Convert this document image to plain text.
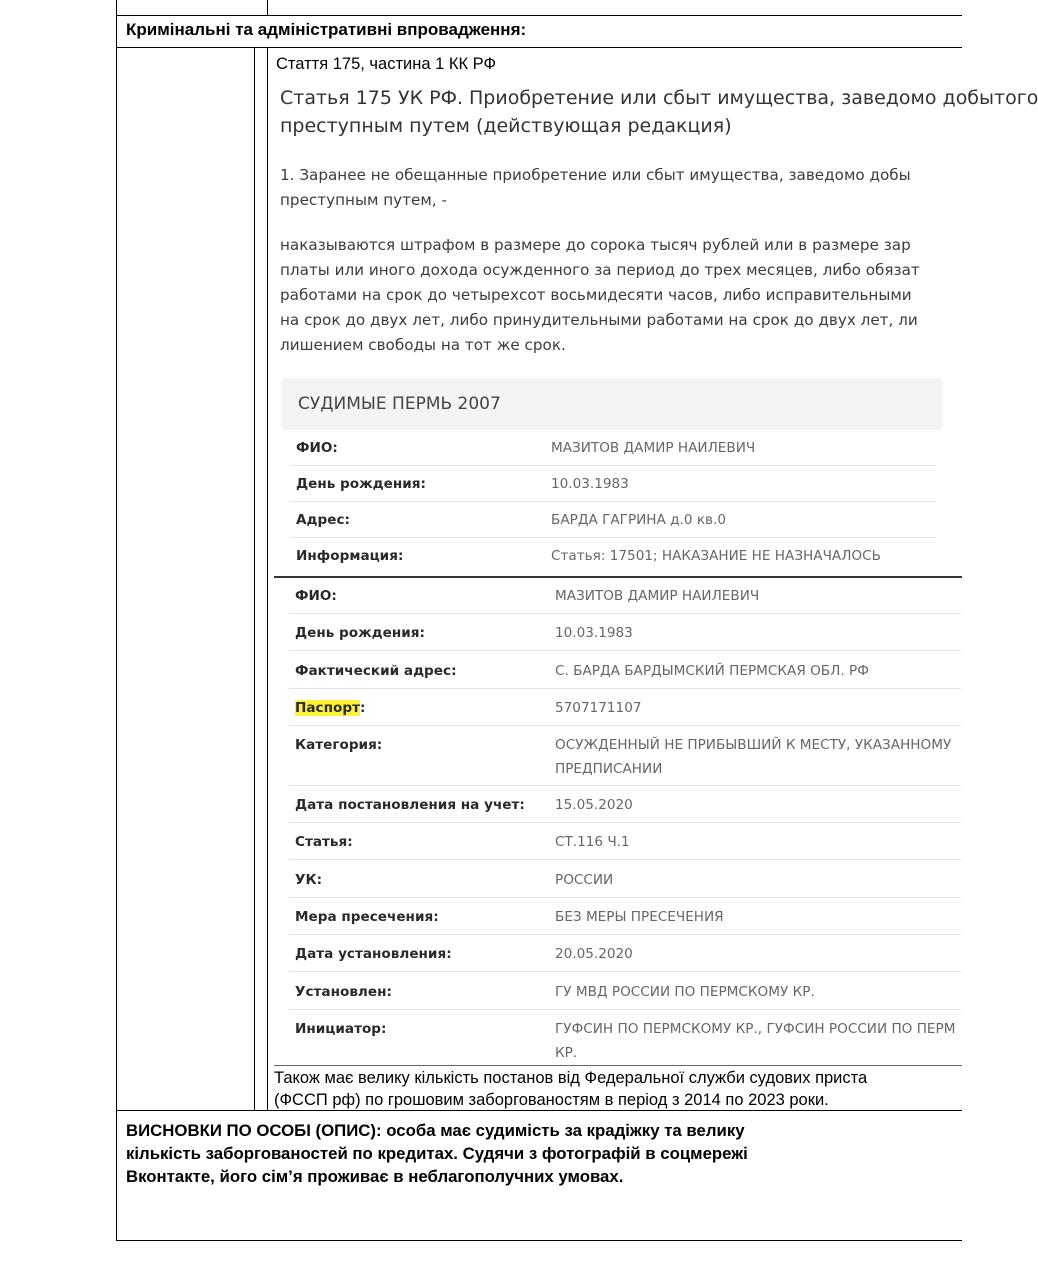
Кримінальні та адміністративні впровадження:
Стаття 175, частина 1 КК РФ
Статья 175 УК РФ. Приобретение или сбыт имущества, заведомо добытого
преступным путем (действующая редакция)
1. Заранее не обещанные приобретение или сбыт имущества, заведомо добы
преступным путем, -
наказываются штрафом в размере до сорока тысяч рублей или в размере зар
платы или иного дохода осужденного за период до трех месяцев, либо обязат
работами на срок до четырехсот восьмидесяти часов, либо исправительными
на срок до двух лет, либо принудительными работами на срок до двух лет, ли
лишением свободы на тот же срок.
СУДИМЫЕ ПЕРМЬ 2007
ФИО:	МАЗИТОВ ДАМИР НАИЛЕВИЧ
День рождения:	10.03.1983
Адрес:	БАРДА ГАГРИНА д.0 кв.0
Информация:	Статья: 17501; НАКАЗАНИЕ НЕ НАЗНАЧАЛОСЬ
ФИО:	МАЗИТОВ ДАМИР НАИЛЕВИЧ
День рождения:	10.03.1983
Фактический адрес:	С. БАРДА БАРДЫМСКИЙ ПЕРМСКАЯ ОБЛ. РФ
Паспорт:	5707171107
Категория:	ОСУЖДЕННЫЙ НЕ ПРИБЫВШИЙ К МЕСТУ, УКАЗАННОМУ
ПРЕДПИСАНИИ
Дата постановления на учет: 15.05.2020
Статья:	СТ.116 Ч.1
УК:	РОССИИ
Мера пресечения:	БЕЗ МЕРЫ ПРЕСЕЧЕНИЯ
Дата установления:	20.05.2020
Установлен:	ГУ МВД РОССИИ ПО ПЕРМСКОМУ КР.
Инициатор:	ГУФСИН ПО ПЕРМСКОМУ КР., ГУФСИН РОССИИ ПО ПЕРМ
КР.
Також має велику кількість постанов від Федеральної служби судових приста
(ФССП рф) по грошовим заборгованостям в період з 2014 по 2023 роки.
ВИСНОВКИ ПО ОСОБІ (ОПИС): особа має судимість за крадіжку та велику
кількість заборгованостей по кредитах. Судячи з фотографій в соцмережі
Вконтакте, його сім’я проживає в неблагополучних умовах.
